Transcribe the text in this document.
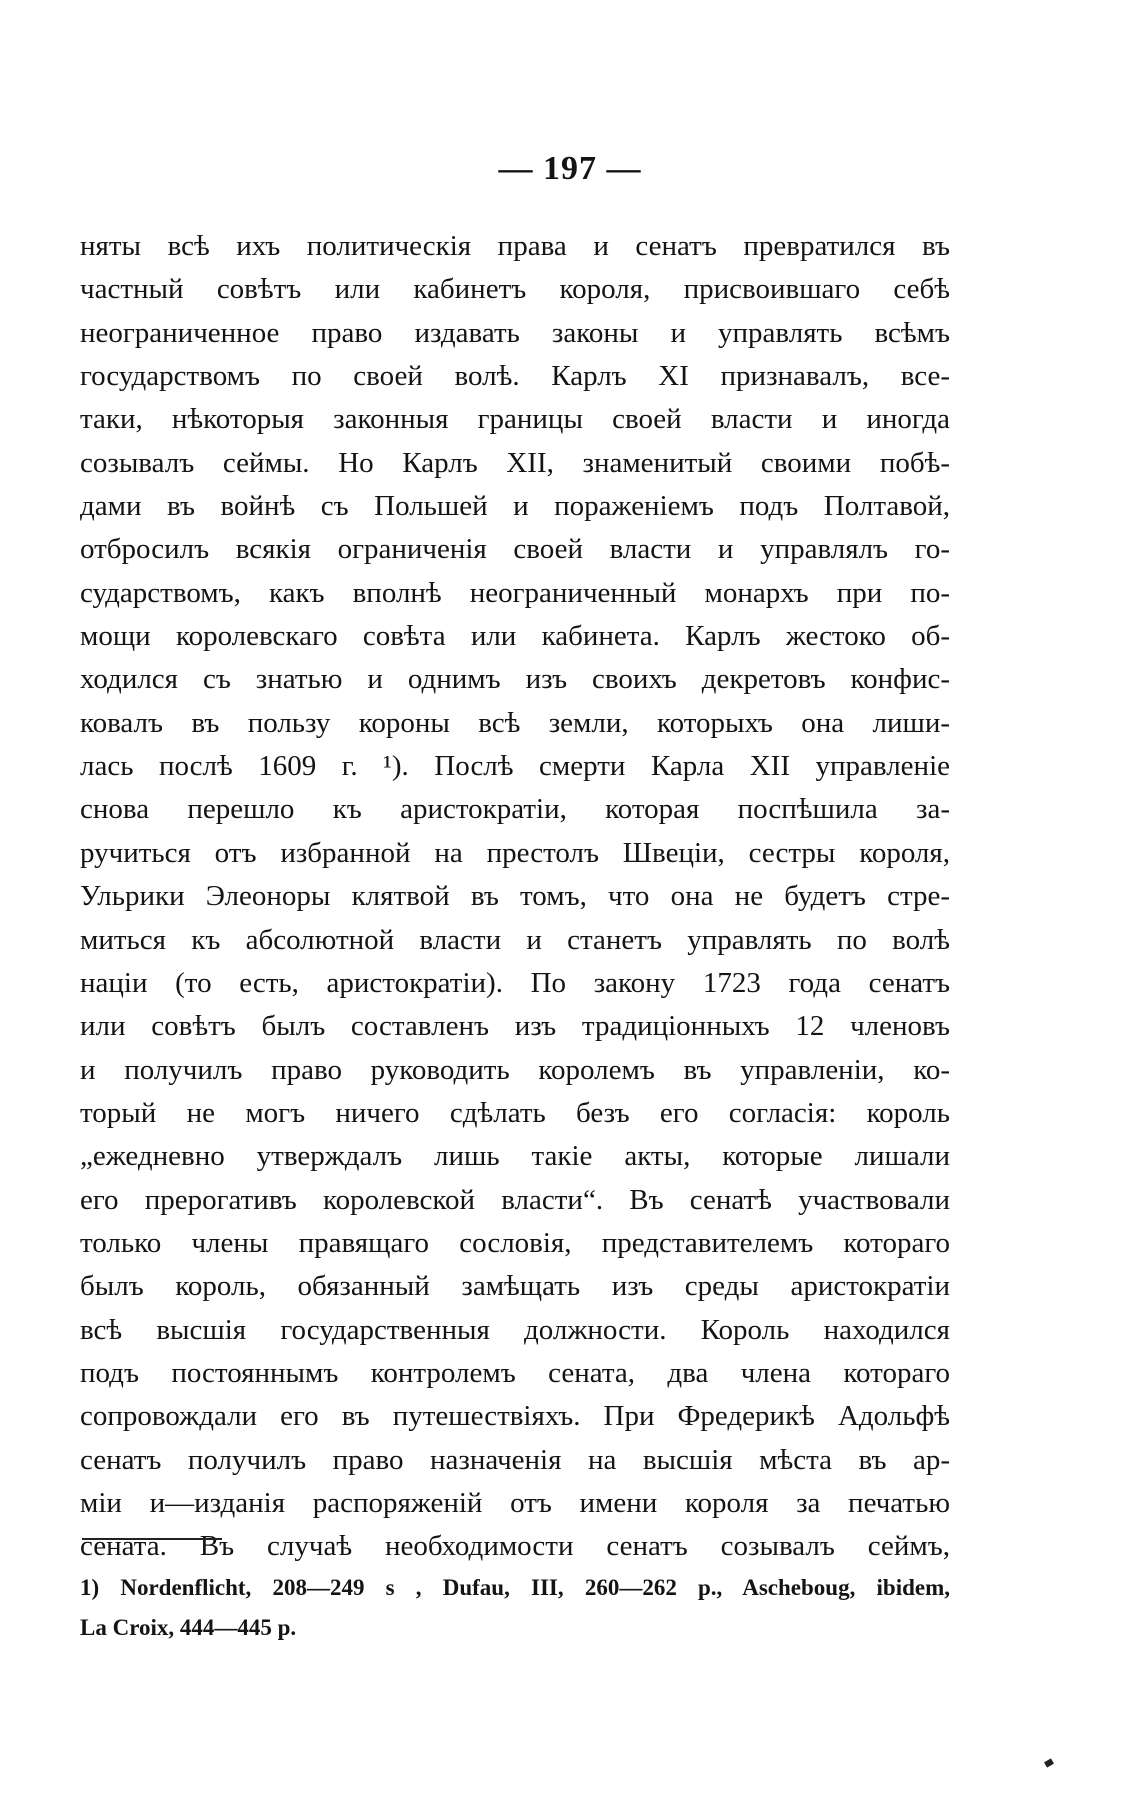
— 197 —
няты всѣ ихъ политическія права и сенатъ превратился въ
частный совѣтъ или кабинетъ короля, присвоившаго себѣ
неограниченное право издавать законы и управлять всѣмъ
государствомъ по своей волѣ. Карлъ XI признавалъ, все-
таки, нѣкоторыя законныя границы своей власти и иногда
созывалъ сеймы. Но Карлъ XII, знаменитый своими побѣ-
дами въ войнѣ съ Польшей и пораженіемъ подъ Полтавой,
отбросилъ всякія ограниченія своей власти и управлялъ го-
сударствомъ, какъ вполнѣ неограниченный монархъ при по-
мощи королевскаго совѣта или кабинета. Карлъ жестоко об-
ходился съ знатью и однимъ изъ своихъ декретовъ конфис-
ковалъ въ пользу короны всѣ земли, которыхъ она лиши-
лась послѣ 1609 г. ¹). Послѣ смерти Карла XII управленіе
снова перешло къ аристократіи, которая поспѣшила за-
ручиться отъ избранной на престолъ Швеціи, сестры короля,
Ульрики Элеоноры клятвой въ томъ, что она не будетъ стре-
миться къ абсолютной власти и станетъ управлять по волѣ
націи (то есть, аристократіи). По закону 1723 года сенатъ
или совѣтъ былъ составленъ изъ традиціонныхъ 12 членовъ
и получилъ право руководить королемъ въ управленіи, ко-
торый не могъ ничего сдѣлать безъ его согласія: король
„ежедневно утверждалъ лишь такіе акты, которые лишали
его прерогативъ королевской власти“. Въ сенатѣ участвовали
только члены правящаго сословія, представителемъ котораго
былъ король, обязанный замѣщать изъ среды аристократіи
всѣ высшія государственныя должности. Король находился
подъ постояннымъ контролемъ сената, два члена котораго
сопровождали его въ путешествіяхъ. При Фредерикѣ Адольфѣ
сенатъ получилъ право назначенія на высшія мѣста въ ар-
міи и—изданія распоряженій отъ имени короля за печатью
сената. Въ случаѣ необходимости сенатъ созывалъ сеймъ,
1) Nordenflicht, 208—249 s , Dufau, III, 260—262 p., Ascheboug, ibidem,
La Croix, 444—445 p.
